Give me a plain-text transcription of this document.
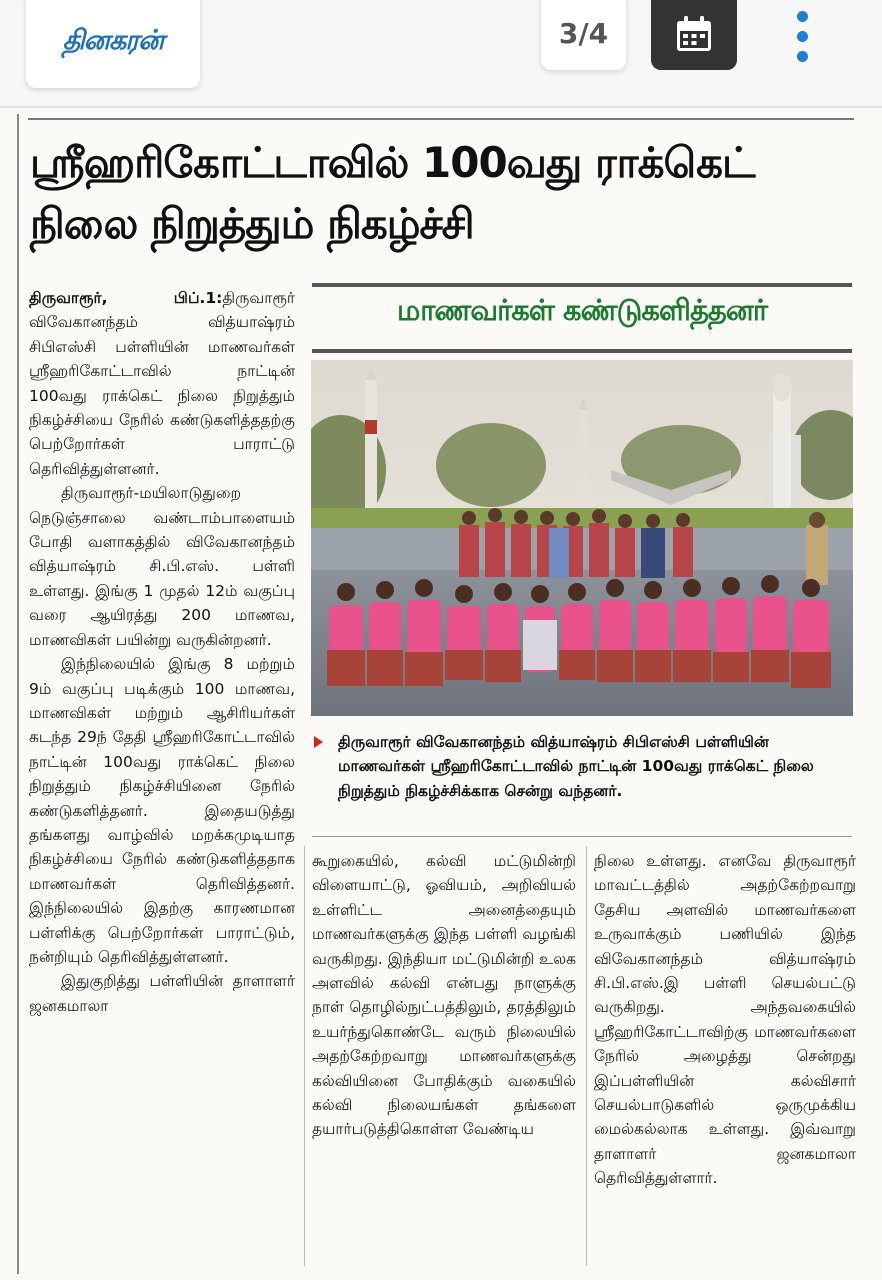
தினகரன்	3/4
ஸ்ரீஹரிகோட்டாவில் 100வது ராக்கெட்
நிலை நிறுத்தும் நிகழ்ச்சி

திருவாரூர், பிப்.1:திருவாரூர் விவேகானந்தம் வித்யாஷ்ரம் சிபிஎஸ்சி பள்ளியின் மாணவர்கள் ஸ்ரீஹரிகோட்டாவில் நாட்டின் 100வது ராக்கெட் நிலை நிறுத்தும் நிகழ்ச்சியை நேரில் கண்டுகளித்ததற்கு பெற்றோர்கள் பாராட்டு தெரிவித்துள்ளனர்.

திருவாரூர்-மயிலாடுதுறை நெடுஞ்சாலை வண்டாம்பாளையம் போதி வளாகத்தில் விவேகானந்தம் வித்யாஷ்ரம் சி.பி.எஸ். பள்ளி உள்ளது. இங்கு 1 முதல் 12ம் வகுப்பு வரை ஆயிரத்து 200 மாணவ, மாணவிகள் பயின்று வருகின்றனர்.

இந்நிலையில் இங்கு 8 மற்றும் 9ம் வகுப்பு படிக்கும் 100 மாணவ, மாணவிகள் மற்றும் ஆசிரியர்கள் கடந்த 29ந் தேதி ஸ்ரீஹரிகோட்டாவில் நாட்டின் 100வது ராக்கெட் நிலை நிறுத்தும் நிகழ்ச்சியினை நேரில் கண்டுகளித்தனர். இதையடுத்து தங்களது வாழ்வில் மறக்கமுடியாத நிகழ்ச்சியை நேரில் கண்டுகளித்ததாக மாணவர்கள் தெரிவித்தனர். இந்நிலையில் இதற்கு காரணமான பள்ளிக்கு பெற்றோர்கள் பாராட்டும், நன்றியும் தெரிவித்துள்ளனர்.

இதுகுறித்து பள்ளியின் தாளாளர் ஜனகமாலா

மாணவர்கள் கண்டுகளித்தனர்
திருவாரூர் விவேகானந்தம் வித்யாஷ்ரம் சிபிஎஸ்சி பள்ளியின் மாணவர்கள் ஸ்ரீஹரிகோட்டாவில் நாட்டின் 100வது ராக்கெட் நிலை நிறுத்தும் நிகழ்ச்சிக்காக சென்று வந்தனர்.

கூறுகையில், கல்வி மட்டுமின்றி விளையாட்டு, ஓவியம், அறிவியல் உள்ளிட்ட அனைத்தையும் மாணவர்களுக்கு இந்த பள்ளி வழங்கி வருகிறது. இந்தியா மட்டுமின்றி உலக அளவில் கல்வி என்பது நாளுக்கு நாள் தொழில்நுட்பத்திலும், தரத்திலும் உயர்ந்துகொண்டே வரும் நிலையில் அதற்கேற்றவாறு மாணவர்களுக்கு கல்வியினை போதிக்கும் வகையில் கல்வி நிலையங்கள் தங்களை தயார்படுத்திகொள்ள வேண்டிய

நிலை உள்ளது. எனவே திருவாரூர் மாவட்டத்தில் அதற்கேற்றவாறு தேசிய அளவில் மாணவர்களை உருவாக்கும் பணியில் இந்த விவேகானந்தம் வித்யாஷ்ரம் சி.பி.எஸ்.இ பள்ளி செயல்பட்டு வருகிறது. அந்தவகையில் ஸ்ரீஹரிகோட்டாவிற்கு மாணவர்களை நேரில் அழைத்து சென்றது இப்பள்ளியின் கல்விசார் செயல்பாடுகளில் ஒருமுக்கிய மைல்கல்லாக உள்ளது. இவ்வாறு தாளாளர் ஜனகமாலா தெரிவித்துள்ளார்.
